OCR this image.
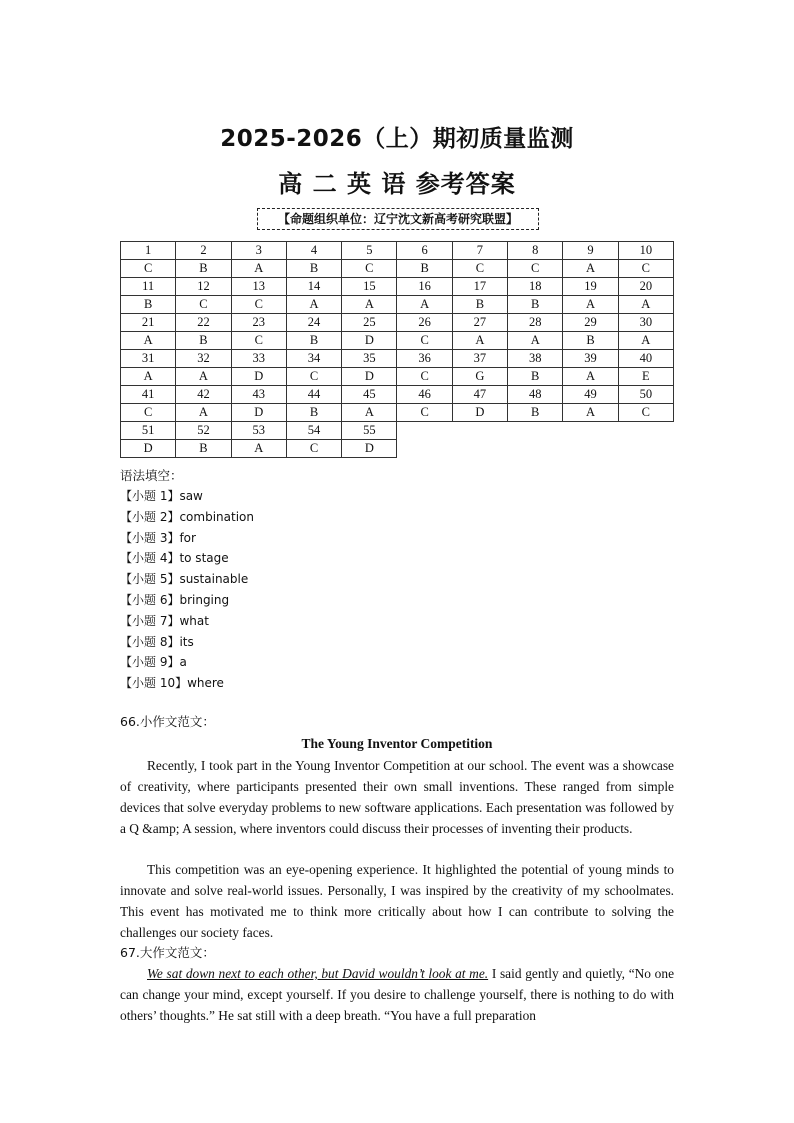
2025-2026（上）期初质量监测
高 二 英 语 参考答案
【命题组织单位：辽宁沈文新高考研究联盟】
1	2	3	4	5	6	7	8	9	10
C	B	A	B	C	B	C	C	A	C
11	12	13	14	15	16	17	18	19	20
B	C	C	A	A	A	B	B	A	A
21	22	23	24	25	26	27	28	29	30
A	B	C	B	D	C	A	A	B	A
31	32	33	34	35	36	37	38	39	40
A	A	D	C	D	C	G	B	A	E
41	42	43	44	45	46	47	48	49	50
C	A	D	B	A	C	D	B	A	C
51	52	53	54	55					
D	B	A	C	D					
语法填空：
【小题 1】saw
【小题 2】combination
【小题 3】for
【小题 4】to stage
【小题 5】sustainable
【小题 6】bringing
【小题 7】what
【小题 8】its
【小题 9】a
【小题 10】where
66.小作文范文：
The Young Inventor Competition

Recently, I took part in the Young Inventor Competition at our school. The event was a showcase of creativity, where participants presented their own small inventions. These ranged from simple devices that solve everyday problems to new software applications. Each presentation was followed by a Q &amp; A session, where inventors could discuss their processes of inventing their products.

This competition was an eye-opening experience. It highlighted the potential of young minds to innovate and solve real-world issues. Personally, I was inspired by the creativity of my schoolmates. This event has motivated me to think more critically about how I can contribute to solving the challenges our society faces.

67.大作文范文：

We sat down next to each other, but David wouldn’t look at me. I said gently and quietly, “No one can change your mind, except yourself. If you desire to challenge yourself, there is nothing to do with others’ thoughts.” He sat still with a deep breath. “You have a full preparation
